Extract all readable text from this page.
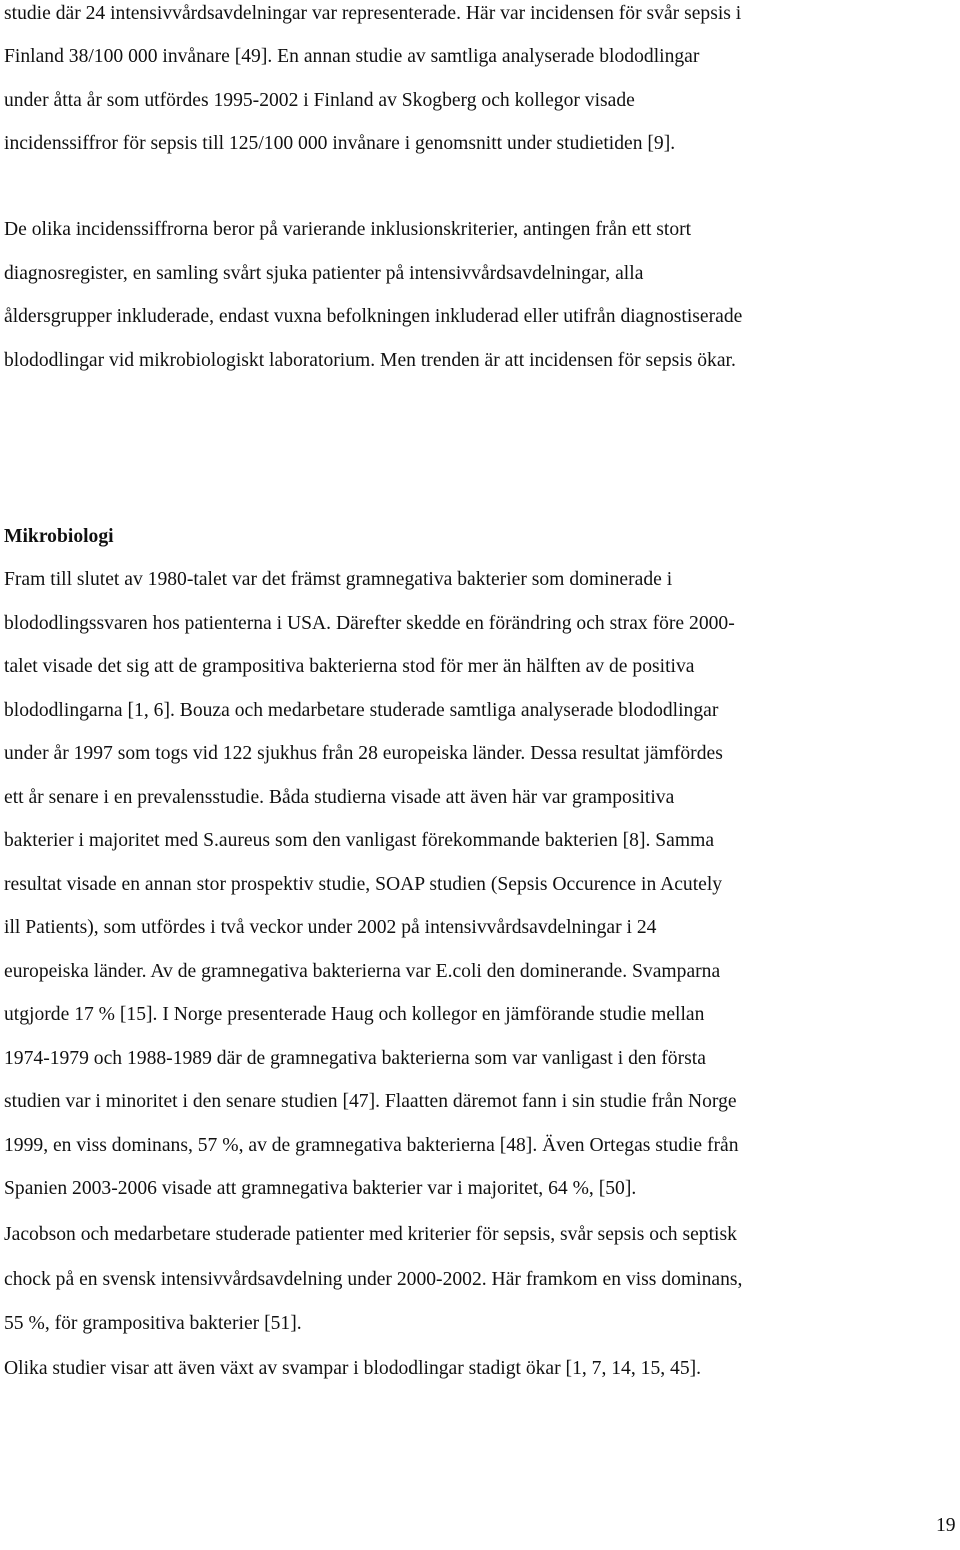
studie där 24 intensivvårdsavdelningar var representerade. Här var incidensen för svår sepsis i

Finland 38/100 000 invånare [49]. En annan studie av samtliga analyserade blododlingar

under åtta år som utfördes 1995-2002 i Finland av Skogberg och kollegor visade

incidenssiffror för sepsis till 125/100 000 invånare i genomsnitt under studietiden [9].

De olika incidenssiffrorna beror på varierande inklusionskriterier, antingen från ett stort

diagnosregister, en samling svårt sjuka patienter på intensivvårdsavdelningar, alla

åldersgrupper inkluderade, endast vuxna befolkningen inkluderad eller utifrån diagnostiserade

blododlingar vid mikrobiologiskt laboratorium. Men trenden är att incidensen för sepsis ökar.

Mikrobiologi

Fram till slutet av 1980-talet var det främst gramnegativa bakterier som dominerade i

blododlingssvaren hos patienterna i USA. Därefter skedde en förändring och strax före 2000-

talet visade det sig att de grampositiva bakterierna stod för mer än hälften av de positiva

blododlingarna [1, 6]. Bouza och medarbetare studerade samtliga analyserade blododlingar

under år 1997 som togs vid 122 sjukhus från 28 europeiska länder. Dessa resultat jämfördes

ett år senare i en prevalensstudie. Båda studierna visade att även här var grampositiva

bakterier i majoritet med S.aureus som den vanligast förekommande bakterien [8]. Samma

resultat visade en annan stor prospektiv studie, SOAP studien (Sepsis Occurence in Acutely

ill Patients), som utfördes i två veckor under 2002 på intensivvårdsavdelningar i 24

europeiska länder. Av de gramnegativa bakterierna var E.coli den dominerande. Svamparna

utgjorde 17 % [15]. I Norge presenterade Haug och kollegor en jämförande studie mellan

1974-1979 och 1988-1989 där de gramnegativa bakterierna som var vanligast i den första

studien var i minoritet i den senare studien [47]. Flaatten däremot fann i sin studie från Norge

1999, en viss dominans, 57 %, av de gramnegativa bakterierna [48]. Även Ortegas studie från

Spanien 2003-2006 visade att gramnegativa bakterier var i majoritet, 64 %, [50].

Jacobson och medarbetare studerade patienter med kriterier för sepsis, svår sepsis och septisk

chock på en svensk intensivvårdsavdelning under 2000-2002. Här framkom en viss dominans,

55 %, för grampositiva bakterier [51].

Olika studier visar att även växt av svampar i blododlingar stadigt ökar [1, 7, 14, 15, 45].

19
